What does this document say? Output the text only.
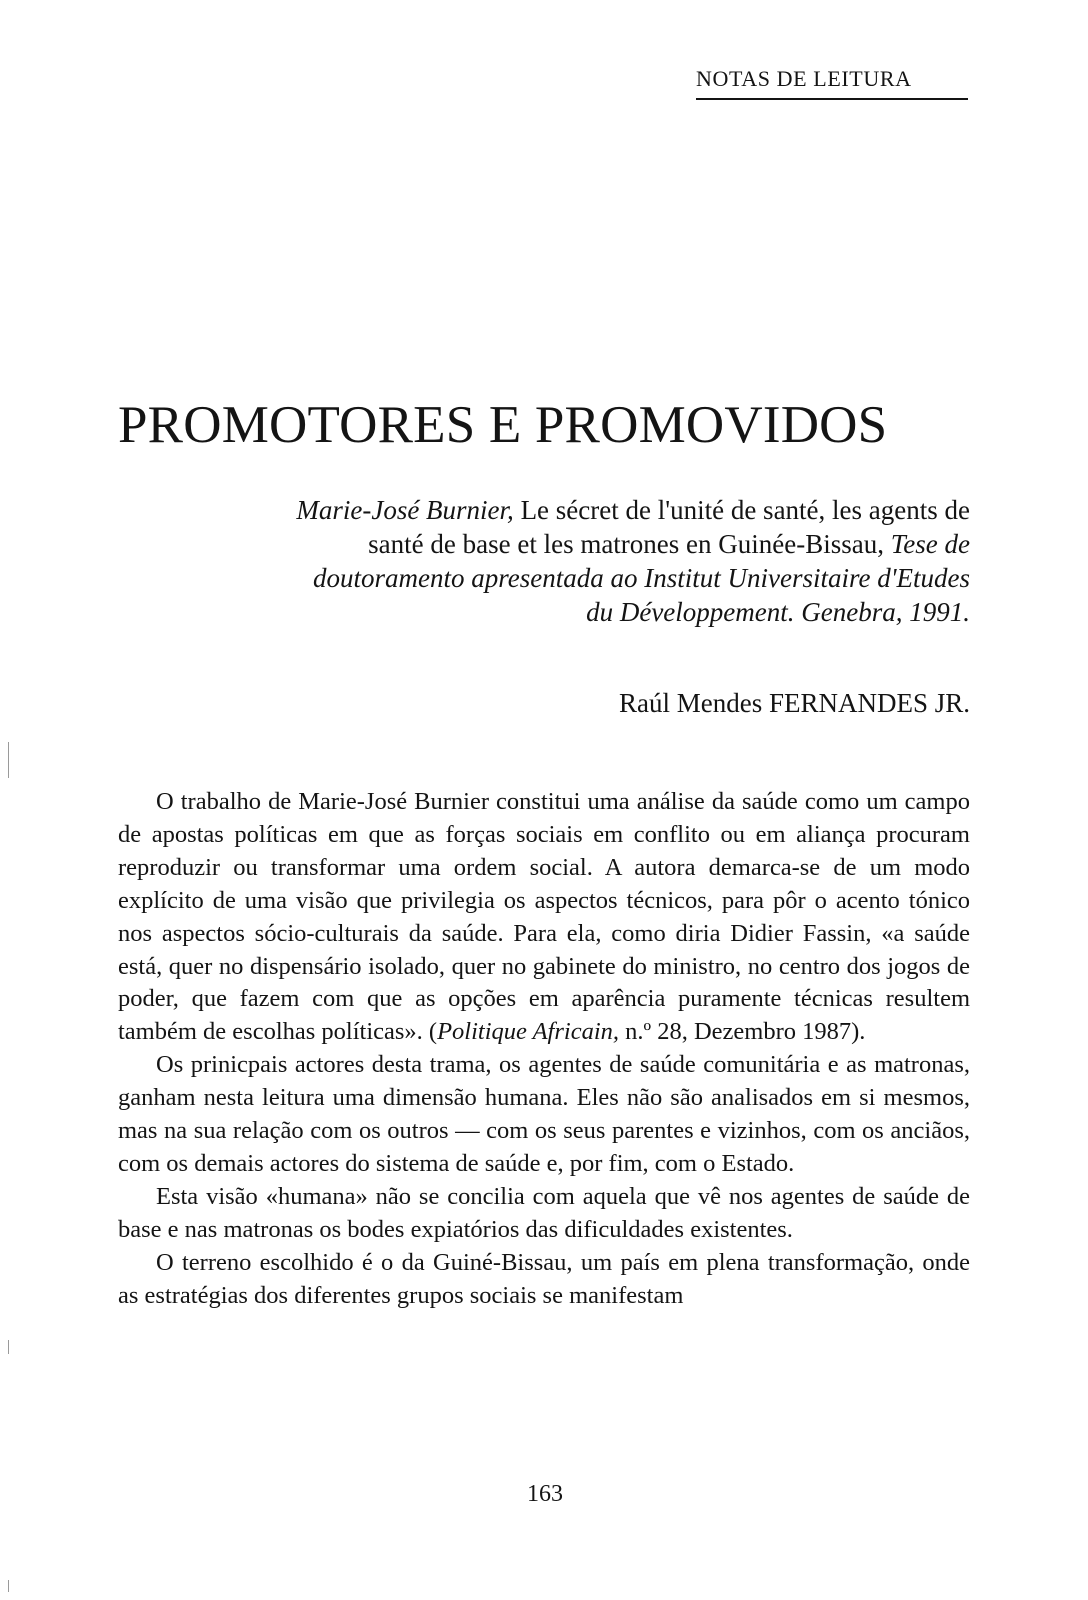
NOTAS DE LEITURA
PROMOTORES E PROMOVIDOS

Marie-José Burnier, Le sécret de l'unité de santé, les agents de santé de base et les matrones en Guinée-Bissau, Tese de doutoramento apresentada ao Institut Universitaire d'Etudes du Développement. Genebra, 1991.

Raúl Mendes FERNANDES JR.

O trabalho de Marie-José Burnier constitui uma análise da saúde como um campo de apostas políticas em que as forças sociais em conflito ou em aliança procuram reproduzir ou transformar uma ordem social. A autora demarca-se de um modo explícito de uma visão que privilegia os aspectos técnicos, para pôr o acento tónico nos aspectos sócio-culturais da saúde. Para ela, como diria Didier Fassin, «a saúde está, quer no dispensário isolado, quer no gabinete do ministro, no centro dos jogos de poder, que fazem com que as opções em aparência puramente técnicas resultem também de escolhas políticas». (Politique Africain, n.º 28, Dezembro 1987).

Os prinicpais actores desta trama, os agentes de saúde comunitária e as matronas, ganham nesta leitura uma dimensão humana. Eles não são analisados em si mesmos, mas na sua relação com os outros — com os seus parentes e vizinhos, com os anciãos, com os demais actores do sistema de saúde e, por fim, com o Estado.

Esta visão «humana» não se concilia com aquela que vê nos agentes de saúde de base e nas matronas os bodes expiatórios das dificuldades existentes.

O terreno escolhido é o da Guiné-Bissau, um país em plena transformação, onde as estratégias dos diferentes grupos sociais se manifestam

163
